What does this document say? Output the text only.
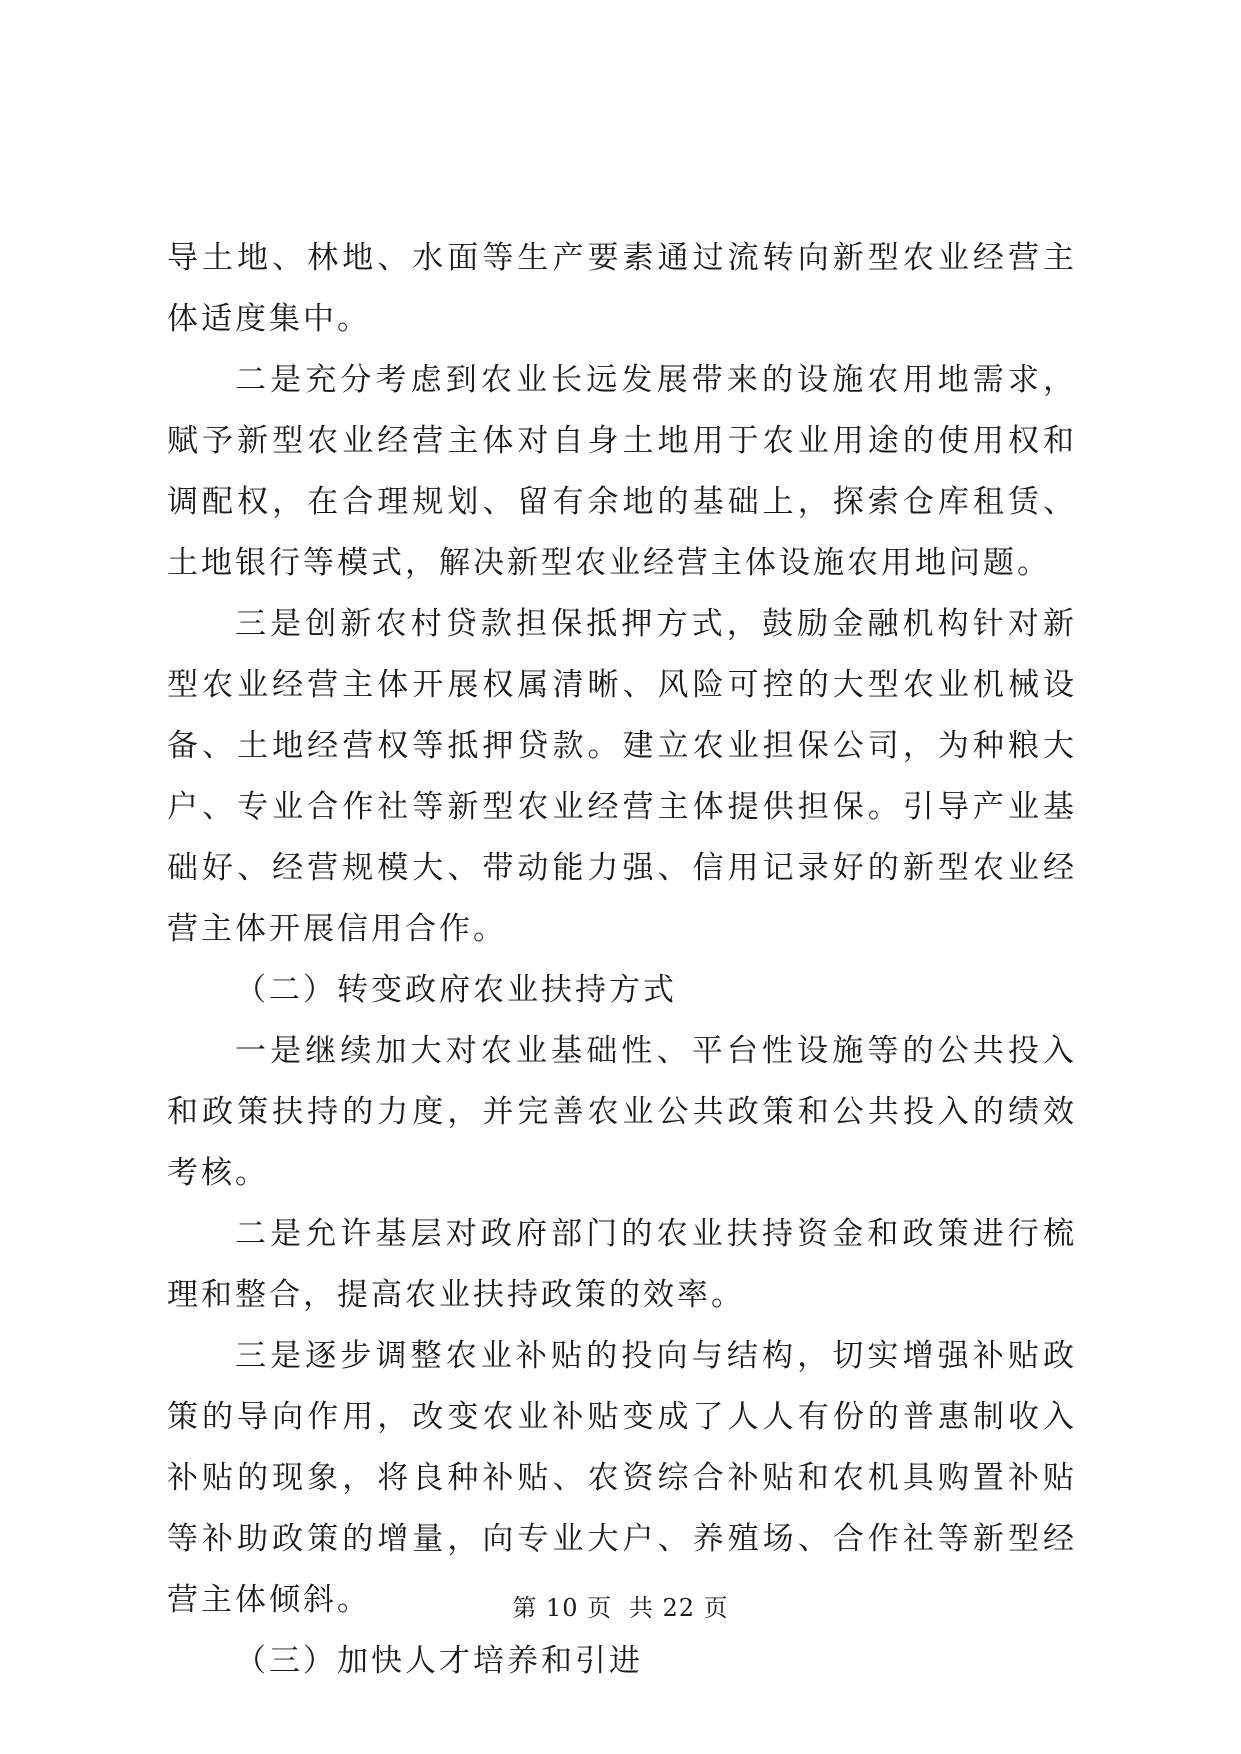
导土地、林地、水面等生产要素通过流转向新型农业经营主体适度集中。

二是充分考虑到农业长远发展带来的设施农用地需求，赋予新型农业经营主体对自身土地用于农业用途的使用权和调配权，在合理规划、留有余地的基础上，探索仓库租赁、土地银行等模式，解决新型农业经营主体设施农用地问题。

三是创新农村贷款担保抵押方式，鼓励金融机构针对新型农业经营主体开展权属清晰、风险可控的大型农业机械设备、土地经营权等抵押贷款。建立农业担保公司，为种粮大户、专业合作社等新型农业经营主体提供担保。引导产业基础好、经营规模大、带动能力强、信用记录好的新型农业经营主体开展信用合作。

（二）转变政府农业扶持方式

一是继续加大对农业基础性、平台性设施等的公共投入和政策扶持的力度，并完善农业公共政策和公共投入的绩效考核。

二是允许基层对政府部门的农业扶持资金和政策进行梳理和整合，提高农业扶持政策的效率。

三是逐步调整农业补贴的投向与结构，切实增强补贴政策的导向作用，改变农业补贴变成了人人有份的普惠制收入补贴的现象，将良种补贴、农资综合补贴和农机具购置补贴等补助政策的增量，向专业大户、养殖场、合作社等新型经营主体倾斜。

（三）加快人才培养和引进

第 10 页 共 22 页
